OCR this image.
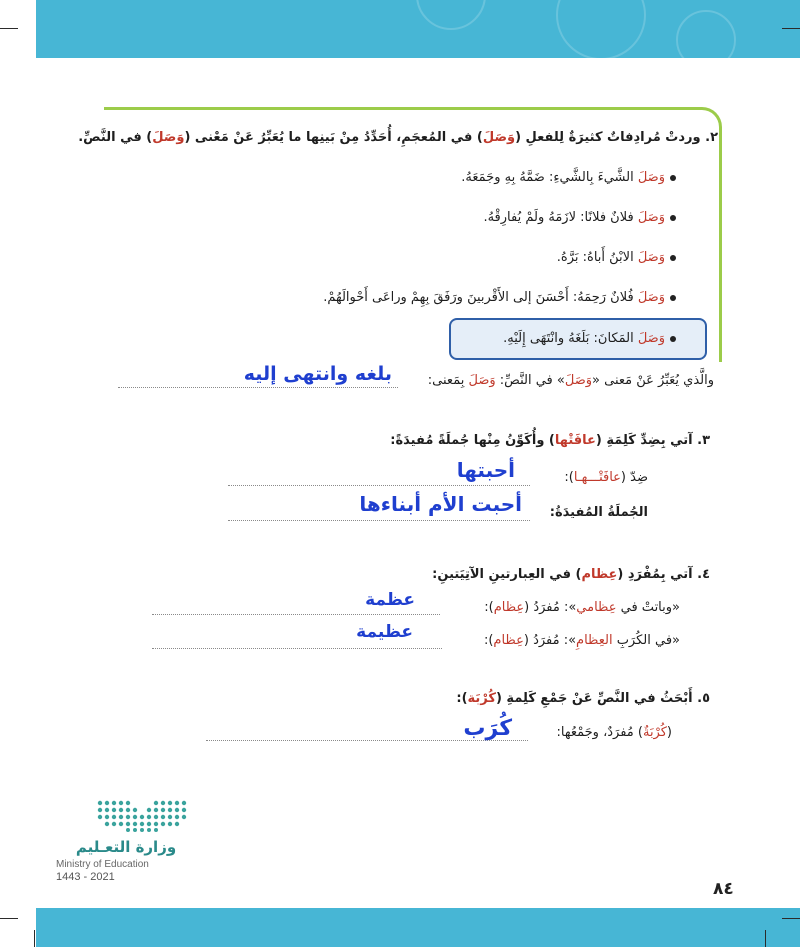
٢. وردتْ مُرادِفاتٌ كثيرَةٌ لِلفعلِ (وَصَلَ) في المُعجَمِ، أُحَدِّدُ مِنْ بَينِها ما يُعَبِّرُ عَنْ مَعْنى (وَصَلَ) في النَّصِّ.
وَصَلَ الشَّيءَ بِالشَّيءِ: ضَمَّهُ بِهِ وجَمَعَهُ.
وَصَلَ فلانٌ فلانًا: لازَمَهُ ولَمْ يُفارِقْهُ.
وَصَلَ الابْنُ أَباهُ: بَرَّهُ.
وَصَلَ فُلانٌ رَحِمَهُ: أَحْسَنَ إلى الأَقْربينَ ورَفَقَ بِهِمْ وراعَى أَحْوالَهُمْ.
وَصَلَ المَكانَ: بَلَغَهُ وانْتَهَى إِلَيْهِ.
والَّذي يُعَبِّرُ عَنْ مَعنى «وَصَلَ» في النَّصِّ: وَصَلَ بِمَعنى:
بلغه وانتهى إليه
٣. آتي بِضِدِّ كَلِمَةِ (عافَتْها) وأُكَوِّنُ مِنْها جُملَةً مُفيدَةً:
ضِدّ (عافَتْـــهـا):
أحبتها
الجُملَةُ المُفيدَةُ:
أحبت الأم أبناءها
٤. آتي بِمُفْرَدِ (عِظام) في العِبارتينِ الآتِيَتينِ:
«وباتتْ في عِظامي»: مُفرَدُ (عِظام):
عظمة
«في الكُرَبِ العِظامِ»: مُفرَدُ (عِظام):
عظيمة
٥. أَبْحَثُ في النَّصِّ عَنْ جَمْعِ كَلِمةِ (كُرْبَة):
(كُرْبَةٌ) مُفرَدٌ، وجَمْعُها:
كُرَب
وزارة التعـليم
Ministry of Education
2021 - 1443
٨٤
